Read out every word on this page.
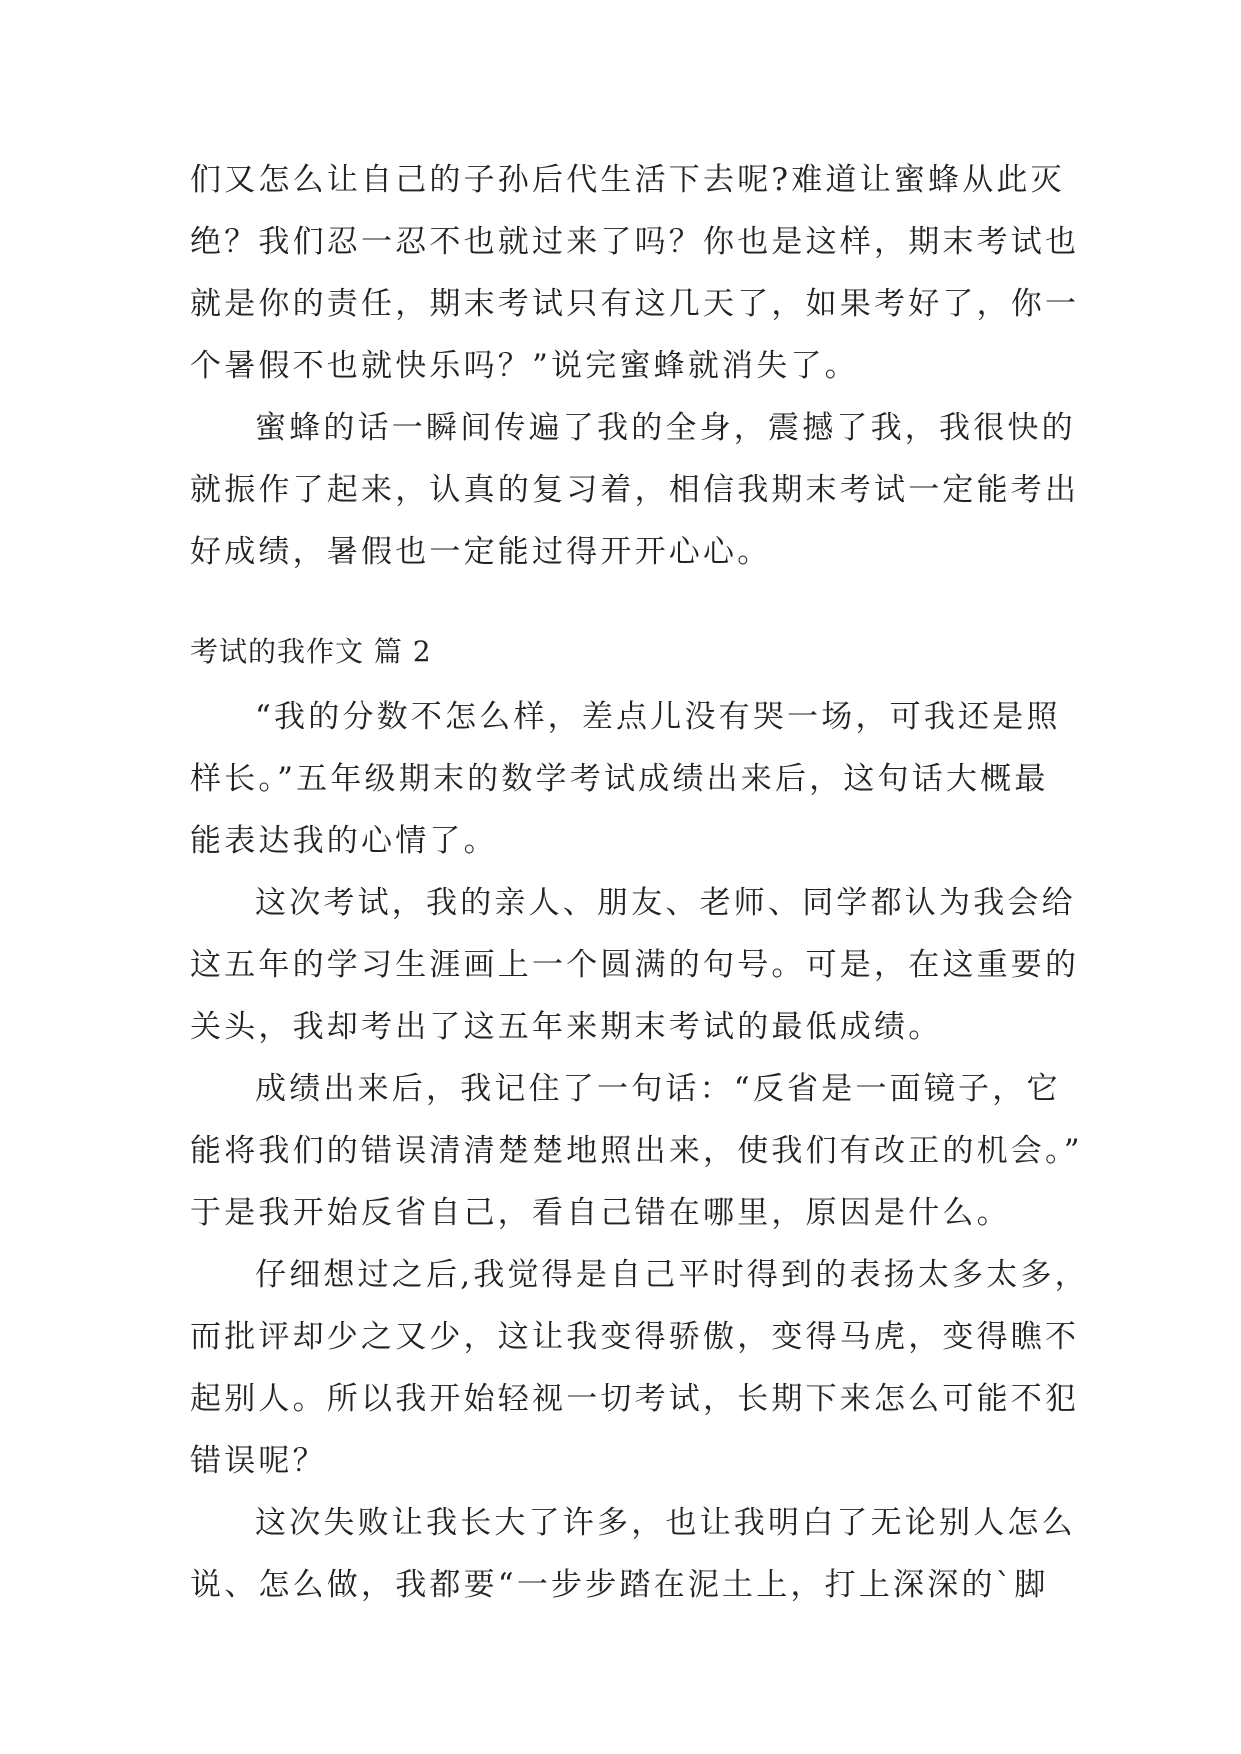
们又怎么让自己的子孙后代生活下去呢?难道让蜜蜂从此灭
绝？我们忍一忍不也就过来了吗？你也是这样，期末考试也
就是你的责任，期末考试只有这几天了，如果考好了，你一
个暑假不也就快乐吗？”说完蜜蜂就消失了。
蜜蜂的话一瞬间传遍了我的全身，震撼了我，我很快的
就振作了起来，认真的复习着，相信我期末考试一定能考出
好成绩，暑假也一定能过得开开心心。
考试的我作文 篇 2
“我的分数不怎么样，差点儿没有哭一场，可我还是照
样长。”五年级期末的数学考试成绩出来后，这句话大概最
能表达我的心情了。
这次考试，我的亲人、朋友、老师、同学都认为我会给
这五年的学习生涯画上一个圆满的句号。可是，在这重要的
关头，我却考出了这五年来期末考试的最低成绩。
成绩出来后，我记住了一句话：“反省是一面镜子，它
能将我们的错误清清楚楚地照出来，使我们有改正的机会。”
于是我开始反省自己，看自己错在哪里，原因是什么。
仔细想过之后,我觉得是自己平时得到的表扬太多太多，
而批评却少之又少，这让我变得骄傲，变得马虎，变得瞧不
起别人。所以我开始轻视一切考试，长期下来怎么可能不犯
错误呢？
这次失败让我长大了许多，也让我明白了无论别人怎么
说、怎么做，我都要“一步步踏在泥土上，打上深深的`脚
